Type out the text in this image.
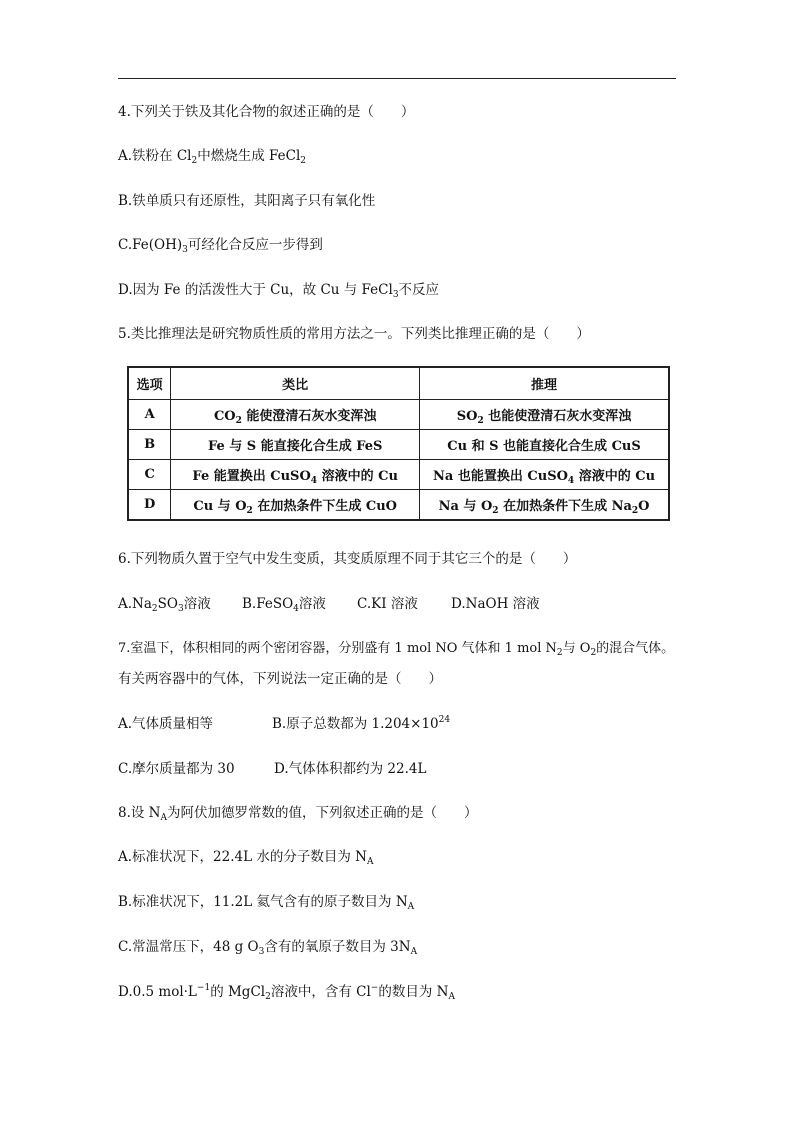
4.下列关于铁及其化合物的叙述正确的是（　　）
A.铁粉在 $Cl_2$中燃烧生成 FeCl$_2$
B.铁单质只有还原性，其阳离子只有氧化性
$C.Fe(OH)_3$可经化合反应一步得到
D.因为 Fe 的活泼性大于 Cu，故 Cu 与 FeCl$_3$不反应
5.类比推理法是研究物质性质的常用方法之一。下列类比推理正确的是（　　）
选项	类比	推理
A	$CO_2$ 能使澄清石灰水变浑浊	$SO_2$ 也能使澄清石灰水变浑浊
B	Fe 与 S 能直接化合生成 FeS	Cu 和 S 也能直接化合生成 CuS
C	Fe 能置换出 CuSO$_4$ 溶液中的 Cu	Na 也能置换出 CuSO$_4$ 溶液中的 Cu
D	Cu 与 $O_2$ 在加热条件下生成 CuO	Na 与 $O_2$ 在加热条件下生成 $Na_2O$
6.下列物质久置于空气中发生变质，其变质原理不同于其它三个的是（　　）
$A.Na_2SO_3$溶液 B.FeSO$_4$溶液 C.KI 溶液 D.NaOH 溶液
7.室温下，体积相同的两个密闭容器，分别盛有 1 mol NO 气体和 1 mol $N_2$与 $O_2$的混合气体。
有关两容器中的气体，下列说法一定正确的是（　　）
A.气体质量相等	B.原子总数都为 $1.204\times 10^{24}$
C.摩尔质量都为 30	D.气体体积都约为 22.4L
8.设 $N_A$为阿伏加德罗常数的值，下列叙述正确的是（　　）
A.标准状况下，22.4L 水的分子数目为 $N_A$
B.标准状况下，11.2L 氦气含有的原子数目为 $N_A$
C.常温常压下，48 g $O_3$含有的氧原子数目为 $3N_A$
D.0.5 $mol\cdot L^{-1}$的 MgCl$_2$溶液中，含有 Cl−的数目为 $N_A$
